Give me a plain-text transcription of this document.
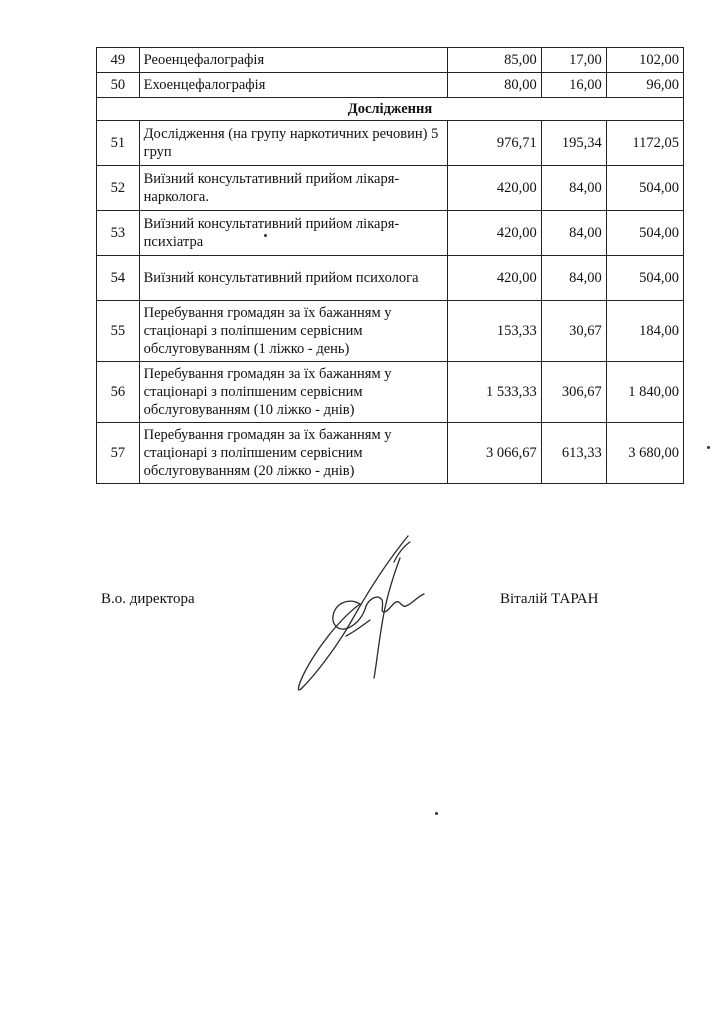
49	Реоенцефалографія	85,00	17,00	102,00
50	Ехоенцефалографія	80,00	16,00	96,00
Дослідження				
51	Дослідження (на групу наркотичних речовин) 5 груп	976,71	195,34	1172,05
52	Виїзний консультативний прийом лікаря-нарколога.	420,00	84,00	504,00
53	Виїзний консультативний прийом лікаря-психіатра	420,00	84,00	504,00
54	Виїзний консультативний прийом психолога	420,00	84,00	504,00
55	Перебування громадян за їх бажанням у стаціонарі з поліпшеним сервісним обслуговуванням (1 ліжко - день)	153,33	30,67	184,00
56	Перебування громадян за їх бажанням у стаціонарі з поліпшеним сервісним обслуговуванням (10 ліжко - днів)	1 533,33	306,67	1 840,00
57	Перебування громадян за їх бажанням у стаціонарі з поліпшеним сервісним обслуговуванням (20 ліжко - днів)	3 066,67	613,33	3 680,00
В.о. директора	Віталій ТАРАН
